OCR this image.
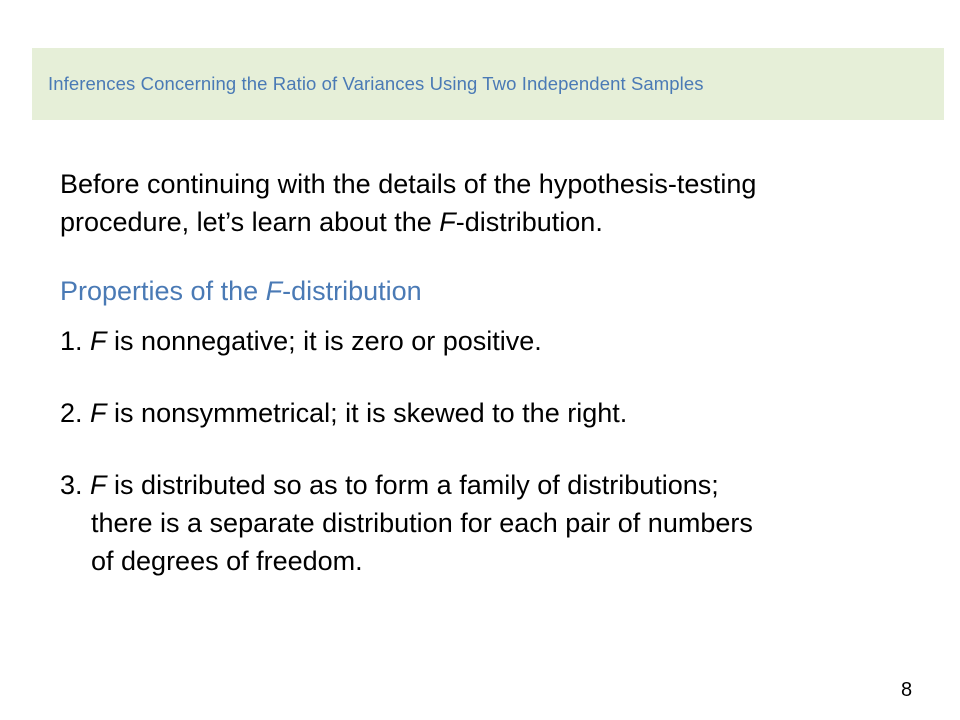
Inferences Concerning the Ratio of Variances Using Two Independent Samples

Before continuing with the details of the hypothesis-testing
procedure, let’s learn about the F-distribution.

Properties of the F-distribution

1. F is nonnegative; it is zero or positive.

2. F is nonsymmetrical; it is skewed to the right.

3. F is distributed so as to form a family of distributions;
there is a separate distribution for each pair of numbers
of degrees of freedom.

8
